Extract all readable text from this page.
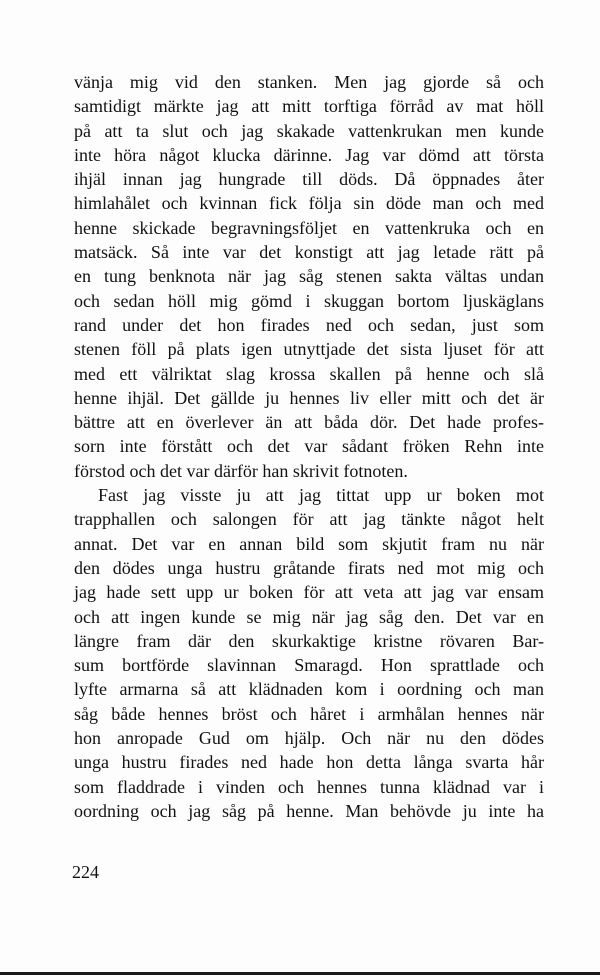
vänja mig vid den stanken. Men jag gjorde så och
samtidigt märkte jag att mitt torftiga förråd av mat höll
på att ta slut och jag skakade vattenkrukan men kunde
inte höra något klucka därinne. Jag var dömd att törsta
ihjäl innan jag hungrade till döds. Då öppnades åter
himlahålet och kvinnan fick följa sin döde man och med
henne skickade begravningsföljet en vattenkruka och en
matsäck. Så inte var det konstigt att jag letade rätt på
en tung benknota när jag såg stenen sakta vältas undan
och sedan höll mig gömd i skuggan bortom ljuskäglans
rand under det hon firades ned och sedan, just som
stenen föll på plats igen utnyttjade det sista ljuset för att
med ett välriktat slag krossa skallen på henne och slå
henne ihjäl. Det gällde ju hennes liv eller mitt och det är
bättre att en överlever än att båda dör. Det hade profes-
sorn inte förstått och det var sådant fröken Rehn inte
förstod och det var därför han skrivit fotnoten.
Fast jag visste ju att jag tittat upp ur boken mot
trapphallen och salongen för att jag tänkte något helt
annat. Det var en annan bild som skjutit fram nu när
den dödes unga hustru gråtande firats ned mot mig och
jag hade sett upp ur boken för att veta att jag var ensam
och att ingen kunde se mig när jag såg den. Det var en
längre fram där den skurkaktige kristne rövaren Bar-
sum bortförde slavinnan Smaragd. Hon sprattlade och
lyfte armarna så att klädnaden kom i oordning och man
såg både hennes bröst och håret i armhålan hennes när
hon anropade Gud om hjälp. Och när nu den dödes
unga hustru firades ned hade hon detta långa svarta hår
som fladdrade i vinden och hennes tunna klädnad var i
oordning och jag såg på henne. Man behövde ju inte ha
224
